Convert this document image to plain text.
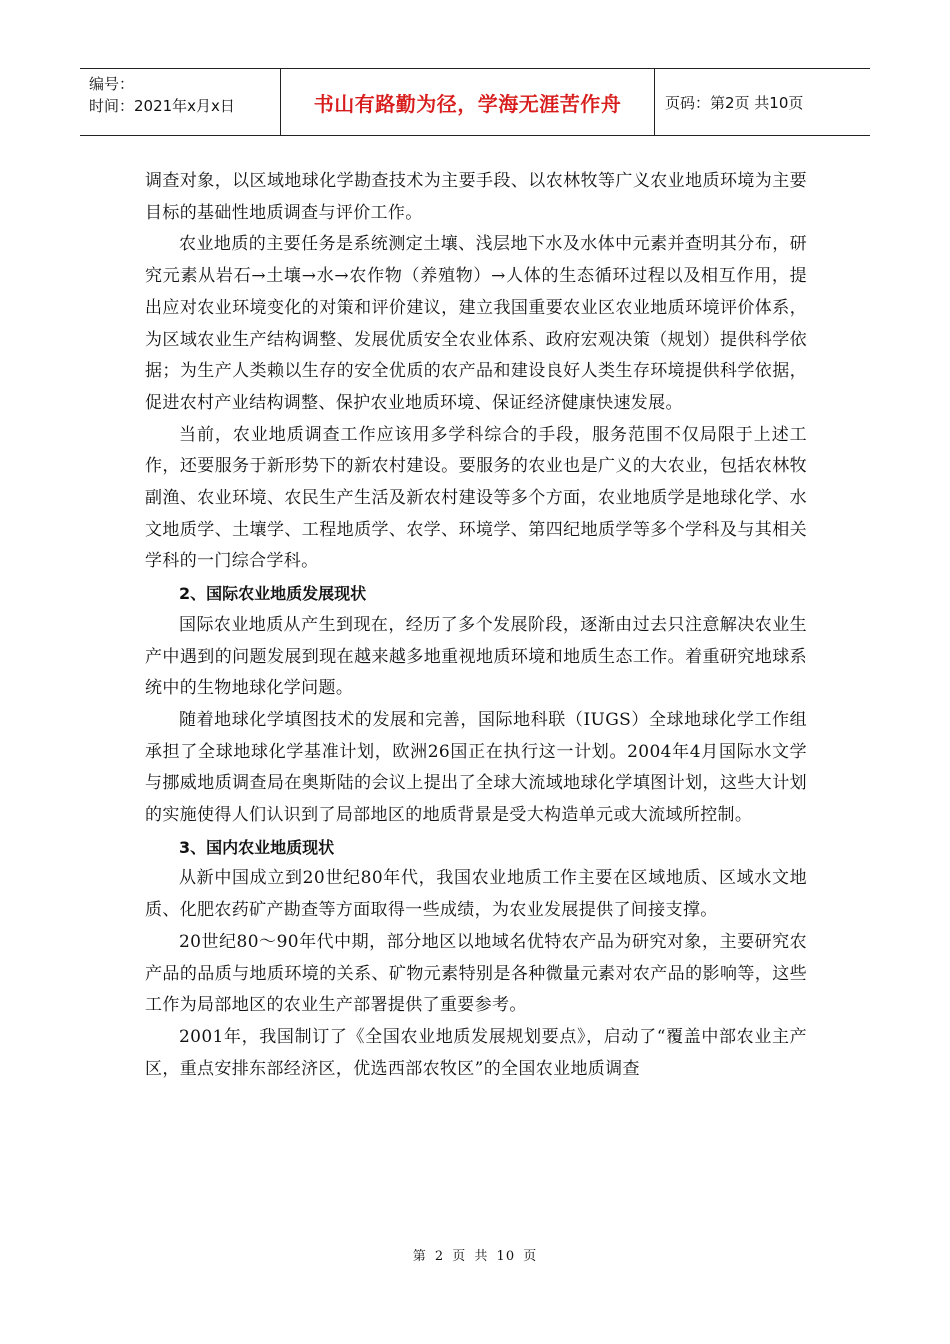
编号：
时间：2021年x月x日	书山有路勤为径，学海无涯苦作舟	页码：第2页 共10页

调查对象，以区域地球化学勘查技术为主要手段、以农林牧等广义农业地质环境为主要目标的基础性地质调查与评价工作。

农业地质的主要任务是系统测定土壤、浅层地下水及水体中元素并查明其分布，研究元素从岩石→土壤→水→农作物（养殖物）→人体的生态循环过程以及相互作用，提出应对农业环境变化的对策和评价建议，建立我国重要农业区农业地质环境评价体系，为区域农业生产结构调整、发展优质安全农业体系、政府宏观决策（规划）提供科学依据；为生产人类赖以生存的安全优质的农产品和建设良好人类生存环境提供科学依据，促进农村产业结构调整、保护农业地质环境、保证经济健康快速发展。

当前，农业地质调查工作应该用多学科综合的手段，服务范围不仅局限于上述工作，还要服务于新形势下的新农村建设。要服务的农业也是广义的大农业，包括农林牧副渔、农业环境、农民生产生活及新农村建设等多个方面，农业地质学是地球化学、水文地质学、土壤学、工程地质学、农学、环境学、第四纪地质学等多个学科及与其相关学科的一门综合学科。

2、国际农业地质发展现状

国际农业地质从产生到现在，经历了多个发展阶段，逐渐由过去只注意解决农业生产中遇到的问题发展到现在越来越多地重视地质环境和地质生态工作。着重研究地球系统中的生物地球化学问题。

随着地球化学填图技术的发展和完善，国际地科联（IUGS）全球地球化学工作组承担了全球地球化学基准计划，欧洲26国正在执行这一计划。2004年4月国际水文学与挪威地质调查局在奥斯陆的会议上提出了全球大流域地球化学填图计划，这些大计划的实施使得人们认识到了局部地区的地质背景是受大构造单元或大流域所控制。

3、国内农业地质现状

从新中国成立到20世纪80年代，我国农业地质工作主要在区域地质、区域水文地质、化肥农药矿产勘查等方面取得一些成绩，为农业发展提供了间接支撑。

20世纪80～90年代中期，部分地区以地域名优特农产品为研究对象，主要研究农产品的品质与地质环境的关系、矿物元素特别是各种微量元素对农产品的影响等，这些工作为局部地区的农业生产部署提供了重要参考。

2001年，我国制订了《全国农业地质发展规划要点》，启动了“覆盖中部农业主产区，重点安排东部经济区，优选西部农牧区”的全国农业地质调查

第 2 页 共 10 页
